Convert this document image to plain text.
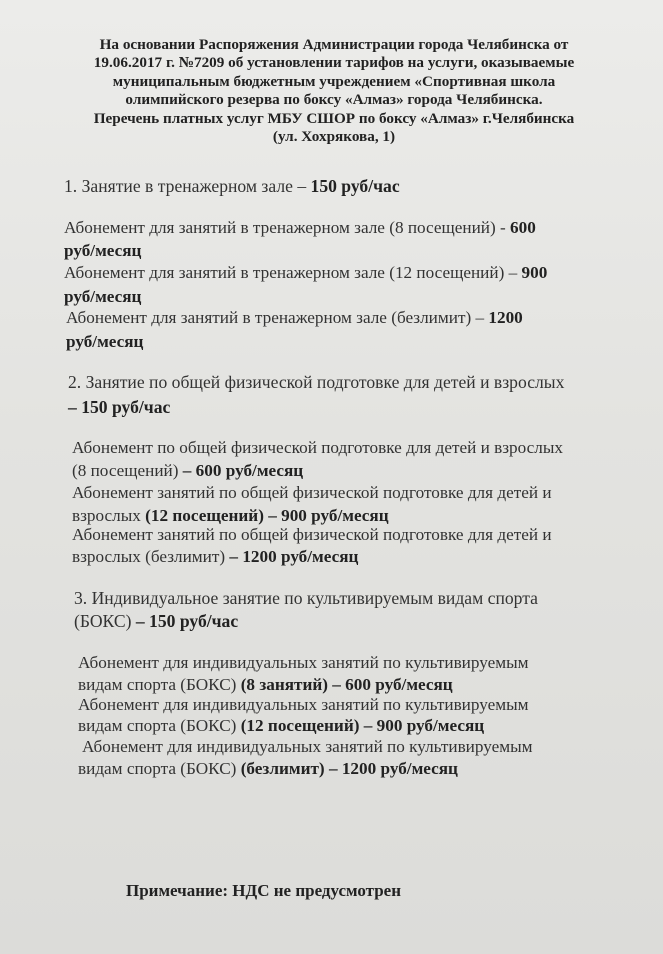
На основании Распоряжения Администрации города Челябинска от
19.06.2017 г. №7209 об установлении тарифов на услуги, оказываемые
муниципальным бюджетным учреждением «Спортивная школа
олимпийского резерва по боксу «Алмаз» города Челябинска.
Перечень платных услуг МБУ СШОР по боксу «Алмаз» г.Челябинска
(ул. Хохрякова, 1)
1. Занятие в тренажерном зале – 150 руб/час
Абонемент для занятий в тренажерном зале (8 посещений) - 600
руб/месяц
Абонемент для занятий в тренажерном зале (12 посещений) – 900
руб/месяц
Абонемент для занятий в тренажерном зале (безлимит) – 1200
руб/месяц
2. Занятие по общей физической подготовке для детей и взрослых
– 150 руб/час
Абонемент по общей физической подготовке для детей и взрослых
(8 посещений) – 600 руб/месяц
Абонемент занятий по общей физической подготовке для детей и
взрослых (12 посещений) – 900 руб/месяц
Абонемент занятий по общей физической подготовке для детей и
взрослых (безлимит) – 1200 руб/месяц
3. Индивидуальное занятие по культивируемым видам спорта
(БОКС) – 150 руб/час
Абонемент для индивидуальных занятий по культивируемым
видам спорта (БОКС) (8 занятий) – 600 руб/месяц
Абонемент для индивидуальных занятий по культивируемым
видам спорта (БОКС) (12 посещений) – 900 руб/месяц
Абонемент для индивидуальных занятий по культивируемым
видам спорта (БОКС) (безлимит) – 1200 руб/месяц
Примечание: НДС не предусмотрен
